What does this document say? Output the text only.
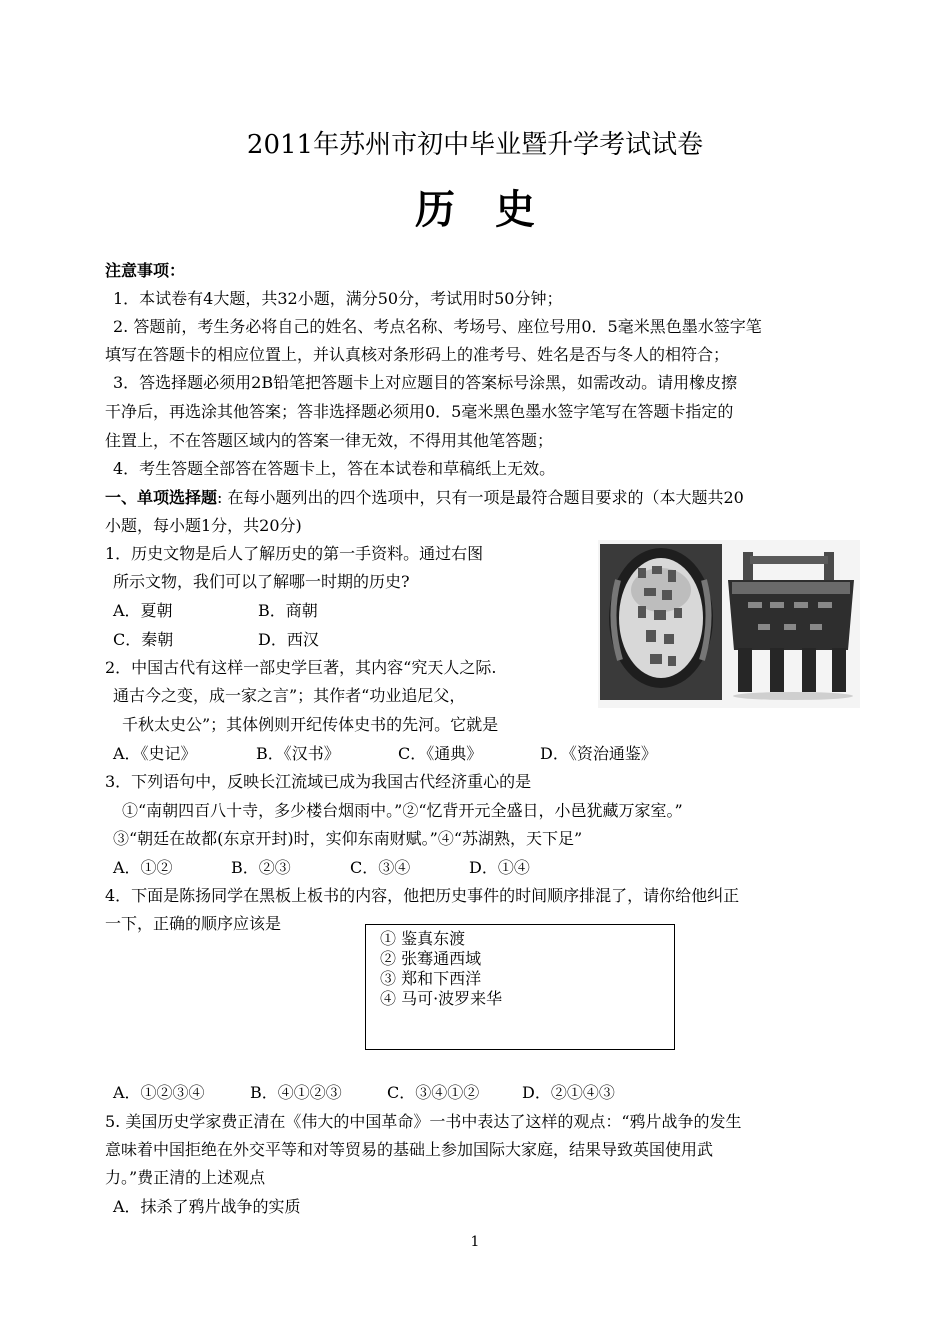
2011年苏州市初中毕业暨升学考试试卷
历史
注意事项：
1．本试卷有4大题，共32小题，满分50分，考试用时50分钟；
2. 答题前，考生务必将自己的姓名、考点名称、考场号、座位号用0．5毫米黑色墨水签字笔
填写在答题卡的相应位置上，并认真核对条形码上的准考号、姓名是否与冬人的相符合；
3．答选择题必须用2B铅笔把答题卡上对应题目的答案标号涂黑，如需改动。请用橡皮擦
干净后，再选涂其他答案；答非选择题必须用0．5毫米黑色墨水签字笔写在答题卡指定的
住置上，不在答题区域内的答案一律无效，不得用其他笔答题；
4．考生答题全部答在答题卡上，答在本试卷和草稿纸上无效。
一、单项选择题: 在每小题列出的四个选项中，只有一项是最符合题目要求的（本大题共20
小题，每小题1分，共20分)
1．历史文物是后人了解历史的第一手资料。通过右图
所示文物，我们可以了解哪一时期的历史?
A．夏朝	B．商朝
C．秦朝	D．西汉
2．中国古代有这样一部史学巨著，其内容“究天人之际.
通古今之变，成一家之言”；其作者“功业追尼父，
千秋太史公”；其体例则开纪传体史书的先河。它就是
A．《史记》	B．《汉书》	C．《通典》	D．《资治通鉴》
3．下列语句中，反映长江流域已成为我国古代经济重心的是
①“南朝四百八十寺，多少楼台烟雨中。”②“忆背开元全盛日，小邑犹藏万家室。”
③“朝廷在故都(东京开封)时，实仰东南财赋。”④“苏湖熟，天下足”
A．①②	B．②③	C．③④	D．①④
4．下面是陈扬同学在黑板上板书的内容，他把历史事件的时间顺序排混了，请你给他纠正
一下，正确的顺序应该是
① 鉴真东渡
② 张骞通西域
③ 郑和下西洋
④ 马可·波罗来华
A．①②③④	B．④①②③	C．③④①②	D．②①④③
5. 美国历史学家费正清在《伟大的中国革命》一书中表达了这样的观点：“鸦片战争的发生
意味着中国拒绝在外交平等和对等贸易的基础上参加国际大家庭，结果导致英国使用武
力。”费正清的上述观点
A．抹杀了鸦片战争的实质
1
